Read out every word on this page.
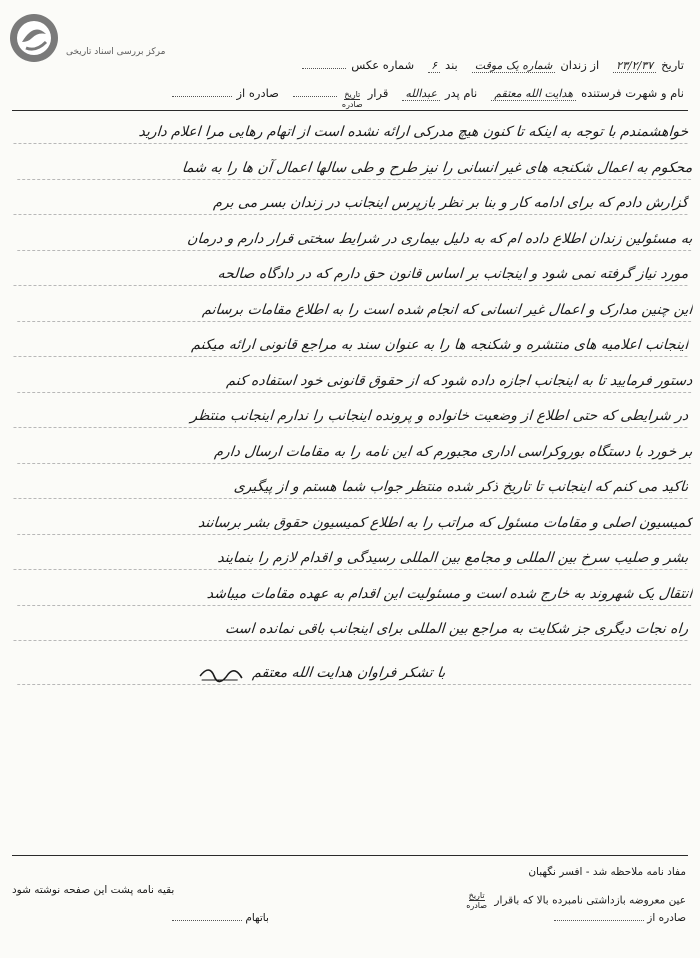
مرکز بررسی اسناد تاریخی
تاریخ
۲۳/۲/۳۷
از زندان
شماره یک موقت
بند
۶
شماره عکس
نام و شهرت فرستنده
هدایت الله معتقم
نام پدر
عبدالله
قرار
تاریخ
صادره
صادره از
خواهشمندم با توجه به اینکه تا کنون هیچ مدرکی ارائه نشده است از اتهام رهایی مرا اعلام دارید
محکوم به اعمال شکنجه های غیر انسانی را نیز طرح و طی سالها اعمال آن ها را به شما
گزارش دادم که برای ادامه کار و بنا بر نظر بازپرس اینجانب در زندان بسر می برم
به مسئولین زندان اطلاع داده ام که به دلیل بیماری در شرایط سختی قرار دارم و درمان
مورد نیاز گرفته نمی شود و اینجانب بر اساس قانون حق دارم که در دادگاه صالحه
این چنین مدارک و اعمال غیر انسانی که انجام شده است را به اطلاع مقامات برسانم
اینجانب اعلامیه های منتشره و شکنجه ها را به عنوان سند به مراجع قانونی ارائه میکنم
دستور فرمایید تا به اینجانب اجازه داده شود که از حقوق قانونی خود استفاده کنم
در شرایطی که حتی اطلاع از وضعیت خانواده و پرونده اینجانب را ندارم اینجانب منتظر
بر خورد با دستگاه بوروکراسی اداری مجبورم که این نامه را به مقامات ارسال دارم
تاکید می کنم که اینجانب تا تاریخ ذکر شده منتظر جواب شما هستم و از پیگیری
کمیسیون اصلی و مقامات مسئول که مراتب را به اطلاع کمیسیون حقوق بشر برسانند
بشر و صلیب سرخ بین المللی و مجامع بین المللی رسیدگی و اقدام لازم را بنمایند
انتقال یک شهروند به خارج شده است و مسئولیت این اقدام به عهده مقامات میباشد
راه نجات دیگری جز شکایت به مراجع بین المللی برای اینجانب باقی نمانده است
با تشکر فراوان هدایت الله معتقم
مفاد نامه ملاحظه شد - افسر نگهبان
بقیه نامه پشت این صفحه نوشته شود
عین معروضه بازداشتی نامبرده بالا که باقرار
تاریخ
صادره
صادره از
باتهام
